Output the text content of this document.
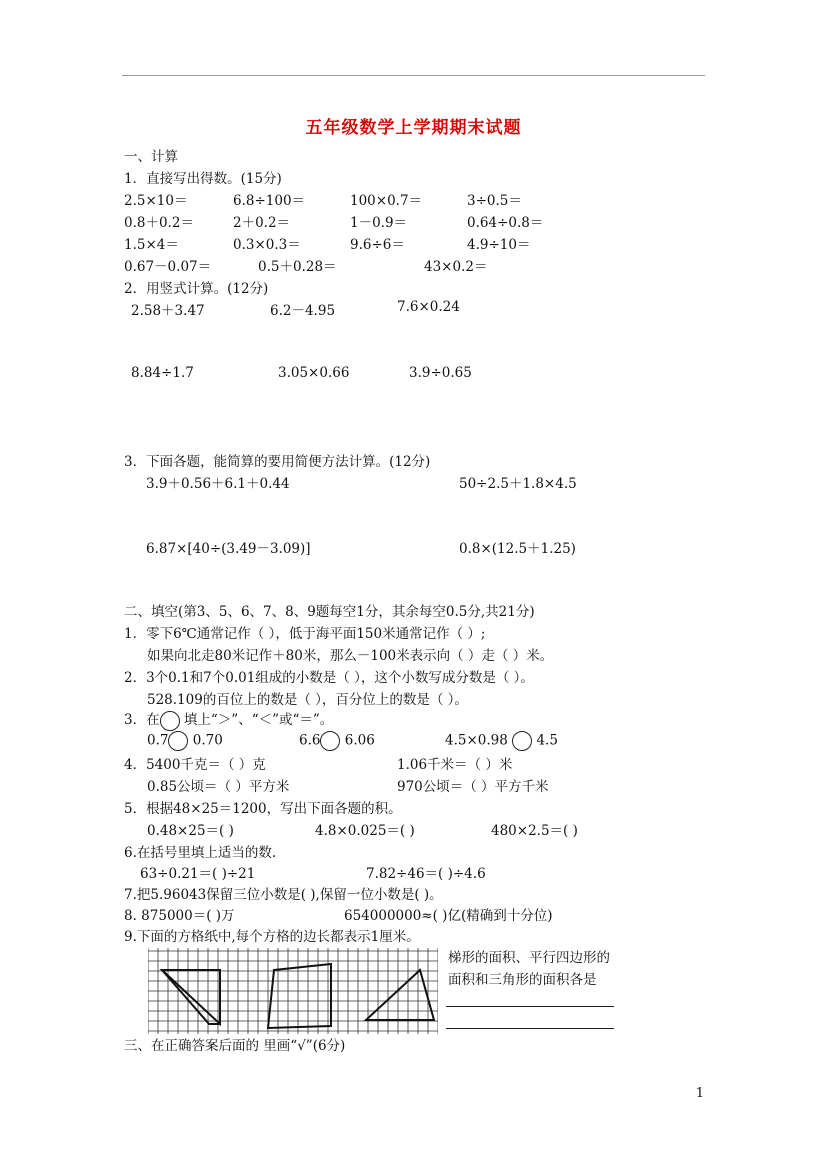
五年级数学上学期期末试题
一、计算
1．直接写出得数。(15分)
2.5×10＝	6.8÷100＝	100×0.7＝	3÷0.5＝
0.8＋0.2＝	2＋0.2＝	1－0.9＝	0.64÷0.8＝
1.5×4＝	0.3×0.3＝	9.6÷6＝	4.9÷10＝
0.67－0.07＝	0.5＋0.28＝	43×0.2＝
2．用竖式计算。(12分)
2.58＋3.47	6.2－4.95	7.6×0.24
8.84÷1.7	3.05×0.66	3.9÷0.65
3．下面各题，能简算的要用简便方法计算。(12分)
3.9＋0.56＋6.1＋0.44	50÷2.5＋1.8×4.5
6.87×[40÷(3.49－3.09)]	0.8×(12.5＋1.25)
二、填空(第3、5、6、7、8、9题每空1分，其余每空0.5分,共21分)
1．零下6℃通常记作（ ），低于海平面150米通常记作（ ）;
如果向北走80米记作＋80米，那么－100米表示向（ ）走（ ）米。
2．3个0.1和7个0.01组成的小数是（ ），这个小数写成分数是（ ）。
528.109的百位上的数是（ ），百分位上的数是（ ）。
3．在 填上“＞”、“＜”或“＝”。
0.7 0.70	6.6 6.06	4.5×0.98 4.5
4．5400千克＝（ ）克	1.06千米＝（ ）米
0.85公顷＝（ ）平方米	970公顷＝（ ）平方千米
5．根据48×25＝1200，写出下面各题的积。
0.48×25＝( )	4.8×0.025＝( )	480×2.5＝( )
6.在括号里填上适当的数.
63÷0.21＝( )÷21	7.82÷46＝( )÷4.6
7.把5.96043保留三位小数是( ),保留一位小数是( )。
8. 875000＝( )万	654000000≈( )亿(精确到十分位)
9.下面的方格纸中,每个方格的边长都表示1厘米。
梯形的面积、平行四边形的
面积和三角形的面积各是
三、在正确答案后面的 里画“√”(6分)
1
